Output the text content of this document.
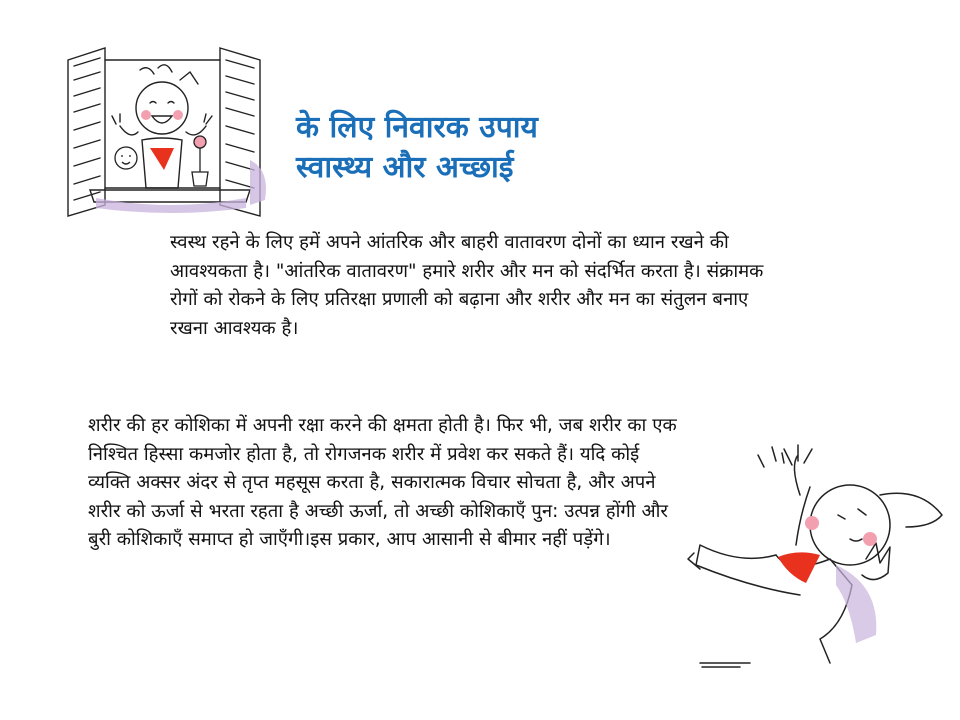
के लिए निवारक उपाय
स्वास्थ्य और अच्छाई

स्वस्थ रहने के लिए हमें अपने आंतरिक और बाहरी वातावरण दोनों का ध्यान रखने की आवश्यकता है। "आंतरिक वातावरण" हमारे शरीर और मन को संदर्भित करता है। संक्रामक रोगों को रोकने के लिए प्रतिरक्षा प्रणाली को बढ़ाना और शरीर और मन का संतुलन बनाए रखना आवश्यक है।

शरीर की हर कोशिका में अपनी रक्षा करने की क्षमता होती है। फिर भी, जब शरीर का एक निश्चित हिस्सा कमजोर होता है, तो रोगजनक शरीर में प्रवेश कर सकते हैं। यदि कोई व्यक्ति अक्सर अंदर से तृप्त महसूस करता है, सकारात्मक विचार सोचता है, और अपने शरीर को ऊर्जा से भरता रहता है अच्छी ऊर्जा, तो अच्छी कोशिकाएँ पुन: उत्पन्न होंगी और बुरी कोशिकाएँ समाप्त हो जाएँगी।इस प्रकार, आप आसानी से बीमार नहीं पड़ेंगे।
